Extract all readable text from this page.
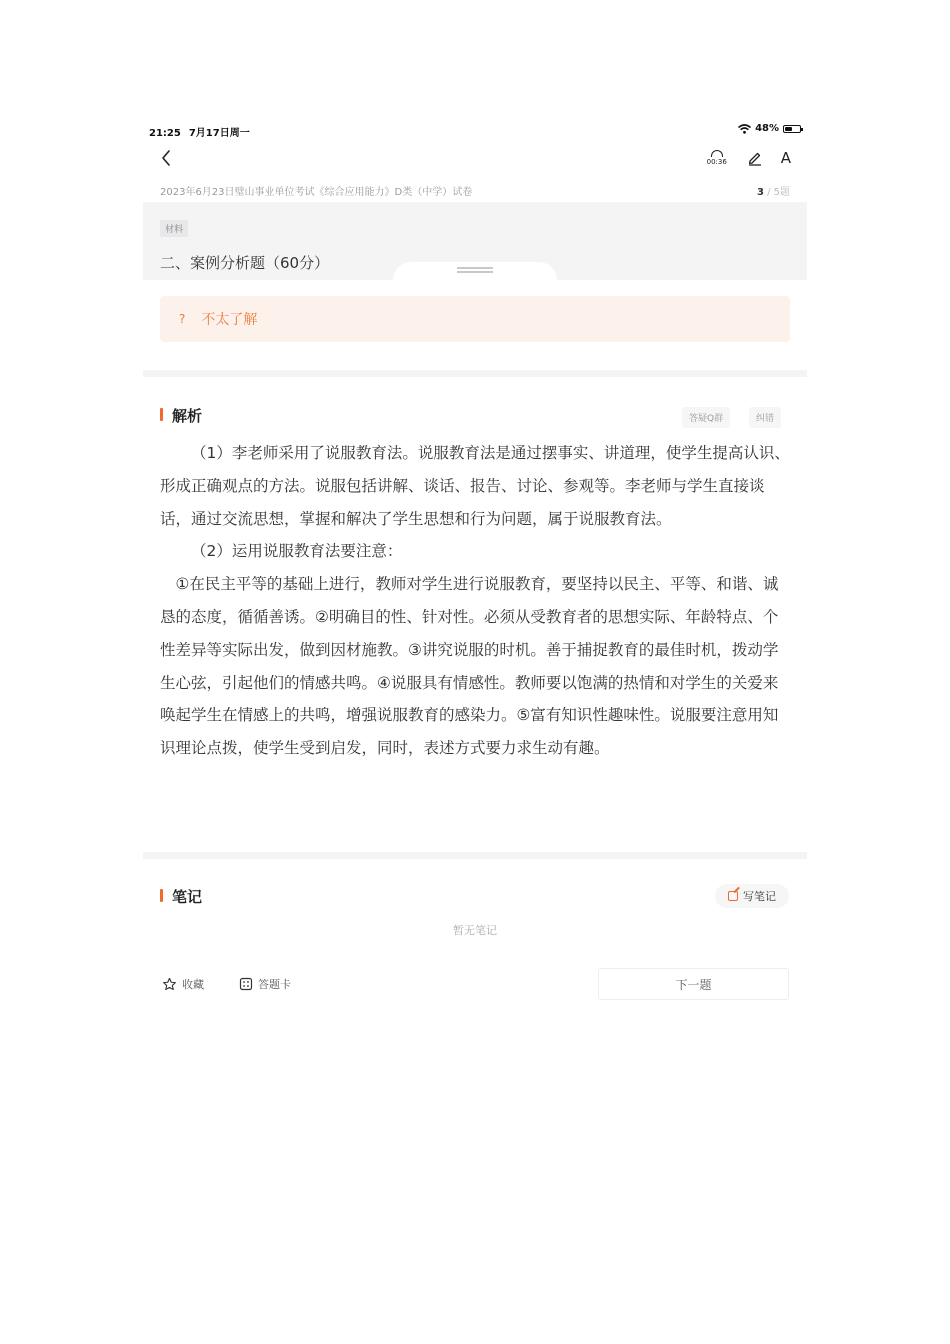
21:25 7月17日周一	48%
00:36	A
2023年6月23日璧山事业单位考试《综合应用能力》D类（中学）试卷	3 / 5题
材料
二、案例分析题（60分）
? 不太了解
解析	答疑Q群	纠错

（1）李老师采用了说服教育法。说服教育法是通过摆事实、讲道理，使学生提高认识、形成正确观点的方法。说服包括讲解、谈话、报告、讨论、参观等。李老师与学生直接谈话，通过交流思想，掌握和解决了学生思想和行为问题，属于说服教育法。

（2）运用说服教育法要注意：

①在民主平等的基础上进行，教师对学生进行说服教育，要坚持以民主、平等、和谐、诚恳的态度，循循善诱。②明确目的性、针对性。必须从受教育者的思想实际、年龄特点、个性差异等实际出发，做到因材施教。③讲究说服的时机。善于捕捉教育的最佳时机，拨动学生心弦，引起他们的情感共鸣。④说服具有情感性。教师要以饱满的热情和对学生的关爱来唤起学生在情感上的共鸣，增强说服教育的感染力。⑤富有知识性趣味性。说服要注意用知识理论点拨，使学生受到启发，同时，表述方式要力求生动有趣。

笔记	写笔记
暂无笔记
收藏	答题卡	下一题
